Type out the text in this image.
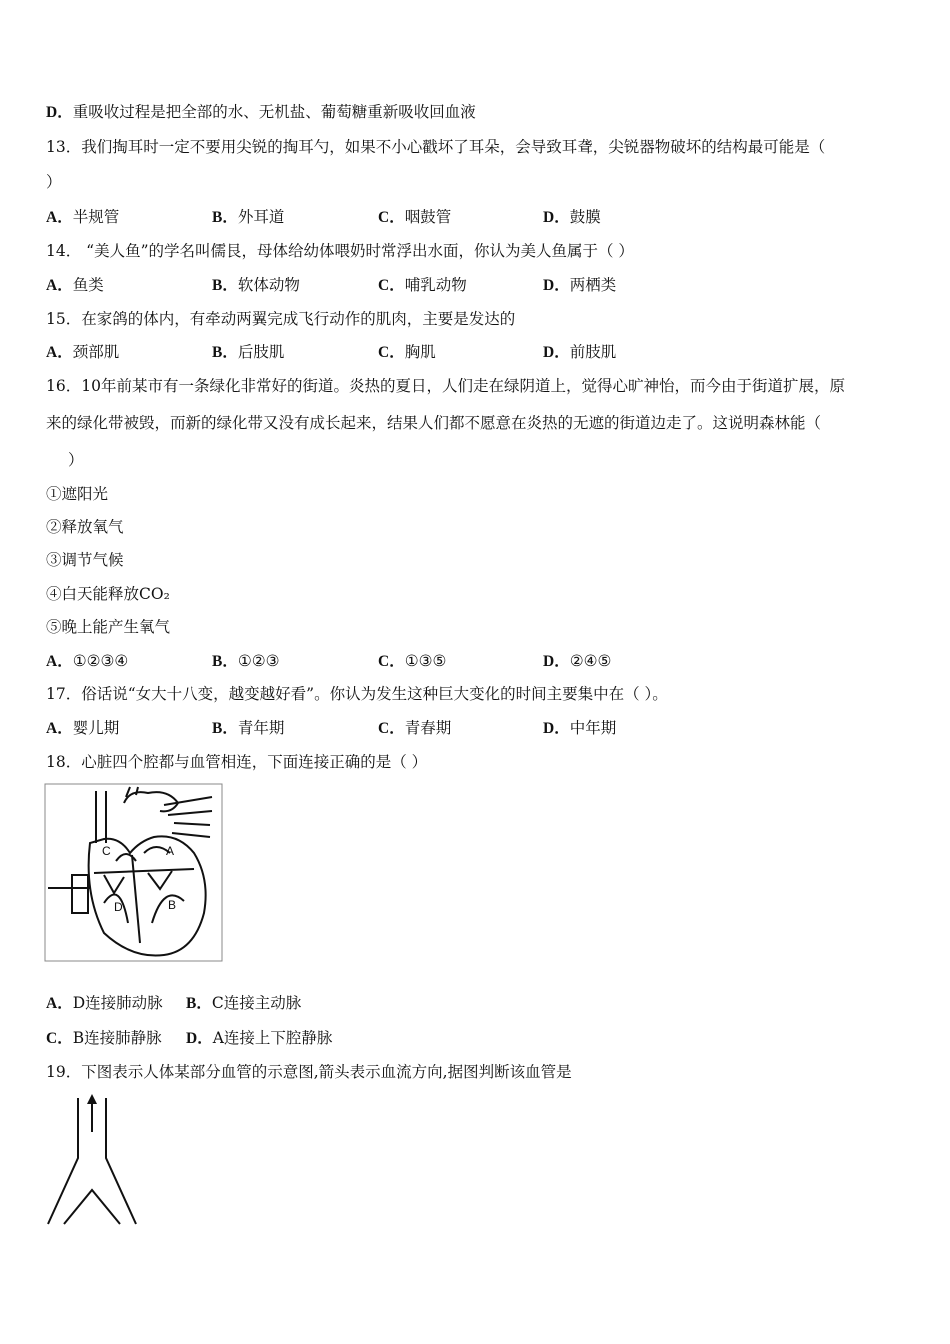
D．重吸收过程是把全部的水、无机盐、葡萄糖重新吸收回血液
13．我们掏耳时一定不要用尖锐的掏耳勺，如果不小心戳坏了耳朵，会导致耳聋，尖锐器物破坏的结构最可能是（
）
A．半规管	B．外耳道	C．咽鼓管	D．鼓膜
14． “美人鱼”的学名叫儒艮，母体给幼体喂奶时常浮出水面，你认为美人鱼属于（ ）
A．鱼类	B．软体动物	C．哺乳动物	D．两栖类
15．在家鸽的体内，有牵动两翼完成飞行动作的肌肉，主要是发达的
A．颈部肌	B．后肢肌	C．胸肌	D．前肢肌
16．10年前某市有一条绿化非常好的街道。炎热的夏日，人们走在绿阴道上，觉得心旷神怡，而今由于街道扩展，原
来的绿化带被毁，而新的绿化带又没有成长起来，结果人们都不愿意在炎热的无遮的街道边走了。这说明森林能（
）
①遮阳光
②释放氧气
③调节气候
④白天能释放CO₂
⑤晚上能产生氧气
A．①②③④	B．①②③	C．①③⑤	D．②④⑤
17．俗话说“女大十八变，越变越好看”。你认为发生这种巨大变化的时间主要集中在（ ）。
A．婴儿期	B．青年期	C．青春期	D．中年期
18．心脏四个腔都与血管相连，下面连接正确的是（ ）
C	A
D	B
A．D连接肺动脉 B．C连接主动脉
C．B连接肺静脉 D．A连接上下腔静脉
19．下图表示人体某部分血管的示意图,箭头表示血流方向,据图判断该血管是
